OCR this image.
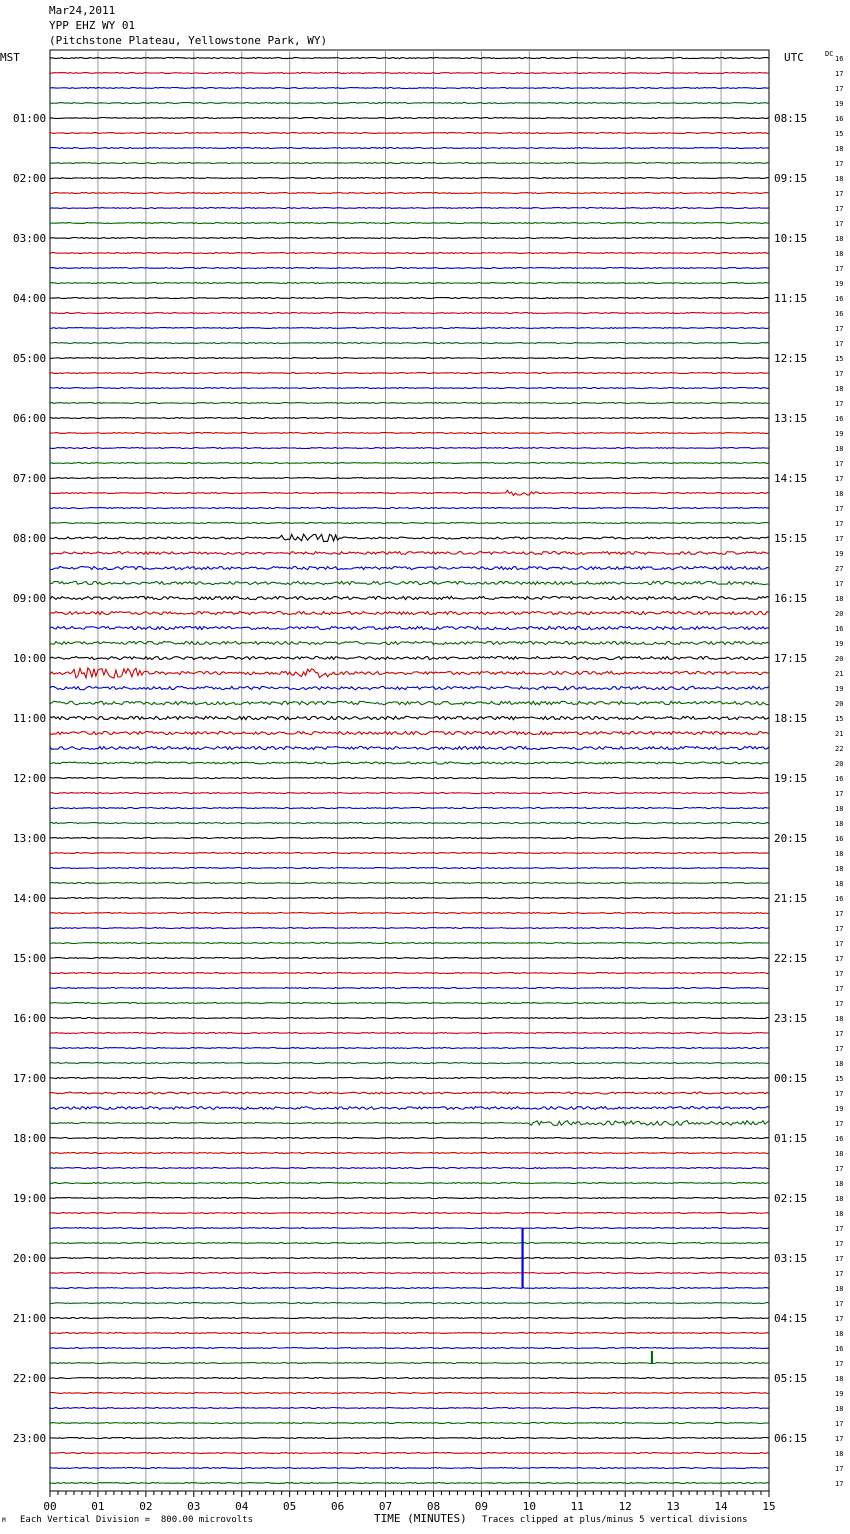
Mar24,2011
YPP EHZ WY 01
(Pitchstone Plateau, Yellowstone Park, WY)
MST	UTC	DC
01:00
02:00
03:00
04:00
05:00
06:00
07:00
08:00
09:00
10:00
11:00
12:00
13:00
14:00
15:00
16:00
17:00
18:00
19:00
20:00
21:00
22:00
23:00
08:15
09:15
10:15
11:15
12:15
13:15
14:15
15:15
16:15
17:15
18:15
19:15
20:15
21:15
22:15
23:15
00:15
01:15
02:15
03:15
04:15
05:15
06:15
16
17
17
19
16
15
18
17
18
17
17
17
18
18
17
19
16
16
17
17
15
17
18
17
16
19
18
17
17
18
17
17
17
19
27
17
18
20
16
19
20
21
19
20
15
21
22
20
16
17
18
18
16
18
18
18
16
17
17
17
17
17
17
17
18
17
17
18
15
17
19
17
16
18
17
18
18
18
17
17
17
17
18
17
17
18
16
17
18
19
18
17
17
18
17
17
00	01	02	03	04	05	06	07	08	09	10	11	12	13	14	15
M Each Vertical Division =  800.00 microvolts	TIME (MINUTES) Traces clipped at plus/minus 5 vertical divisions
